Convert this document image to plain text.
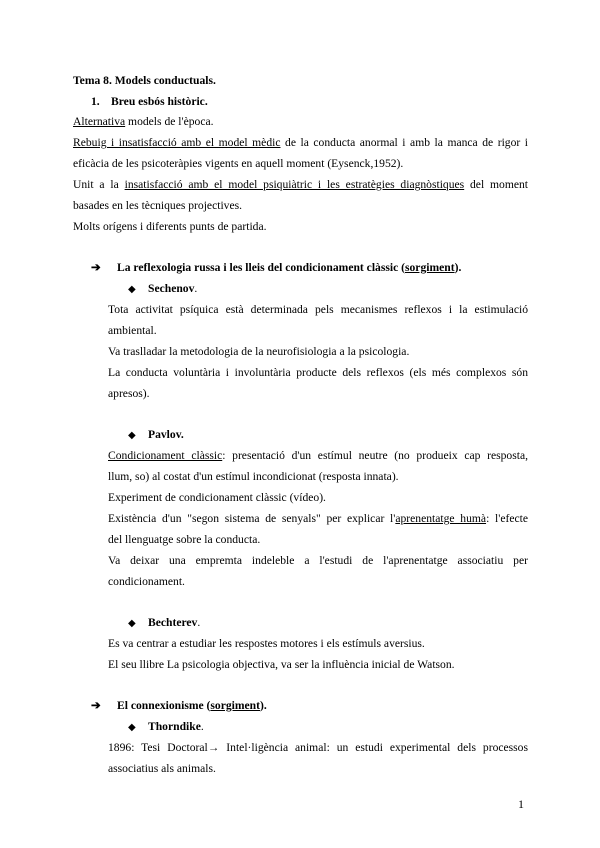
Tema 8. Models conductuals.
1. Breu esbós històric.
Alternativa models de l'època.
Rebuig i insatisfacció amb el model mèdic de la conducta anormal i amb la manca de rigor i
eficàcia de les psicoteràpies vigents en aquell moment (Eysenck,1952).
Unit a la insatisfacció amb el model psiquiàtric i les estratègies diagnòstiques del moment
basades en les tècniques projectives.
Molts orígens i diferents punts de partida.
➔ La reflexologia russa i les lleis del condicionament clàssic (sorgiment).
◆ Sechenov.
Tota activitat psíquica està determinada pels mecanismes reflexos i la estimulació
ambiental.
Va traslladar la metodologia de la neurofisiologia a la psicologia.
La conducta voluntària i involuntària producte dels reflexos (els més complexos són
apresos).
◆ Pavlov.
Condicionament clàssic: presentació d'un estímul neutre (no produeix cap resposta,
llum, so) al costat d'un estímul incondicionat (resposta innata).
Experiment de condicionament clàssic (vídeo).
Existència d'un "segon sistema de senyals" per explicar l'aprenentatge humà: l'efecte
del llenguatge sobre la conducta.
Va deixar una empremta indeleble a l'estudi de l'aprenentatge associatiu per
condicionament.
◆ Bechterev.
Es va centrar a estudiar les respostes motores i els estímuls aversius.
El seu llibre La psicologia objectiva, va ser la influència inicial de Watson.
➔ El connexionisme (sorgiment).
◆ Thorndike.
1896: Tesi Doctoral→ Intel·ligència animal: un estudi experimental dels processos
associatius als animals.
1
